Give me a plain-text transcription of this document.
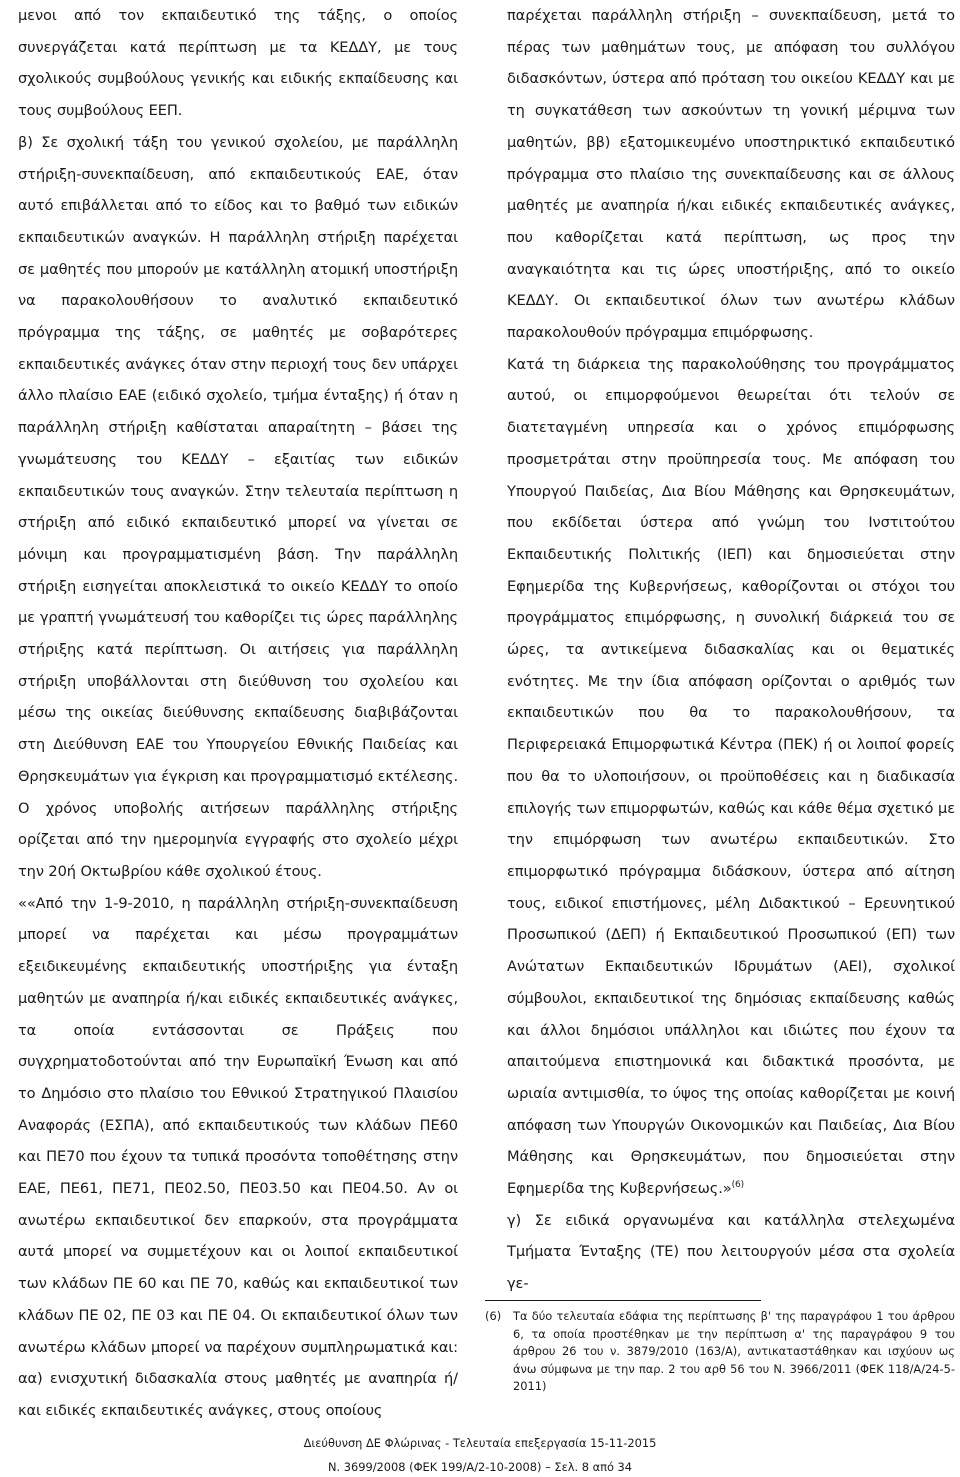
μενοι από τον εκπαιδευτικό της τάξης, ο οποίος συνεργάζεται κατά περίπτωση με τα ΚΕΔΔΥ, με τους σχολικούς συμβούλους γενικής και ειδικής εκπαίδευσης και τους συμβούλους ΕΕΠ.

β) Σε σχολική τάξη του γενικού σχολείου, με παράλληλη στήριξη-συνεκπαίδευση, από εκπαιδευτικούς ΕΑΕ, όταν αυτό επιβάλλεται από το είδος και το βαθμό των ειδικών εκπαιδευτικών αναγκών. Η παράλληλη στήριξη παρέχεται σε μαθητές που μπορούν με κατάλληλη ατομική υποστήριξη να παρακολουθήσουν το αναλυτικό εκπαιδευτικό πρόγραμμα της τάξης, σε μαθητές με σοβαρότερες εκπαιδευτικές ανάγκες όταν στην περιοχή τους δεν υπάρχει άλλο πλαίσιο ΕΑΕ (ειδικό σχολείο, τμήμα ένταξης) ή όταν η παράλληλη στήριξη καθίσταται απαραίτητη – βάσει της γνωμάτευσης του ΚΕΔΔΥ – εξαιτίας των ειδικών εκπαιδευτικών τους αναγκών. Στην τελευταία περίπτωση η στήριξη από ειδικό εκπαιδευτικό μπορεί να γίνεται σε μόνιμη και προγραμματισμένη βάση. Την παράλληλη στήριξη εισηγείται αποκλειστικά το οικείο ΚΕΔΔΥ το οποίο με γραπτή γνωμάτευσή του καθορίζει τις ώρες παράλληλης στήριξης κατά περίπτωση. Οι αιτήσεις για παράλληλη στήριξη υποβάλλονται στη διεύθυνση του σχολείου και μέσω της οικείας διεύθυνσης εκπαίδευσης διαβιβάζονται στη Διεύθυνση ΕΑΕ του Υπουργείου Εθνικής Παιδείας και Θρησκευμάτων για έγκριση και προγραμματισμό εκτέλεσης. Ο χρόνος υποβολής αιτήσεων παράλληλης στήριξης ορίζεται από την ημερομηνία εγγραφής στο σχολείο μέχρι την 20ή Οκτωβρίου κάθε σχολικού έτους.

««Από την 1-9-2010, η παράλληλη στήριξη-συνεκπαίδευση μπορεί να παρέχεται και μέσω προγραμμάτων εξειδικευμένης εκπαιδευτικής υποστήριξης για ένταξη μαθητών με αναπηρία ή/και ειδικές εκπαιδευτικές ανάγκες, τα οποία εντάσσονται σε Πράξεις που συγχρηματοδοτούνται από την Ευρωπαϊκή Ένωση και από το Δημόσιο στο πλαίσιο του Εθνικού Στρατηγικού Πλαισίου Αναφοράς (ΕΣΠΑ), από εκπαιδευτικούς των κλάδων ΠΕ60 και ΠΕ70 που έχουν τα τυπικά προσόντα τοποθέτησης στην ΕΑΕ, ΠΕ61, ΠΕ71, ΠΕ02.50, ΠΕ03.50 και ΠΕ04.50. Αν οι ανωτέρω εκπαιδευτικοί δεν επαρκούν, στα προγράμματα αυτά μπορεί να συμμετέχουν και οι λοιποί εκπαιδευτικοί των κλάδων ΠΕ 60 και ΠΕ 70, καθώς και εκπαιδευτικοί των κλάδων ΠΕ 02, ΠΕ 03 και ΠΕ 04. Οι εκπαιδευτικοί όλων των ανωτέρω κλάδων μπορεί να παρέχουν συμπληρωματικά και: αα) ενισχυτική διδασκαλία στους μαθητές με αναπηρία ή/και ειδικές εκπαιδευτικές ανάγκες, στους οποίους

παρέχεται παράλληλη στήριξη – συνεκπαίδευση, μετά το πέρας των μαθημάτων τους, με απόφαση του συλλόγου διδασκόντων, ύστερα από πρόταση του οικείου ΚΕΔΔΥ και με τη συγκατάθεση των ασκούντων τη γονική μέριμνα των μαθητών, ββ) εξατομικευμένο υποστηρικτικό εκπαιδευτικό πρόγραμμα στο πλαίσιο της συνεκπαίδευσης και σε άλλους μαθητές με αναπηρία ή/και ειδικές εκπαιδευτικές ανάγκες, που καθορίζεται κατά περίπτωση, ως προς την αναγκαιότητα και τις ώρες υποστήριξης, από το οικείο ΚΕΔΔΥ. Οι εκπαιδευτικοί όλων των ανωτέρω κλάδων παρακολουθούν πρόγραμμα επιμόρφωσης.

Κατά τη διάρκεια της παρακολούθησης του προγράμματος αυτού, οι επιμορφούμενοι θεωρείται ότι τελούν σε διατεταγμένη υπηρεσία και ο χρόνος επιμόρφωσης προσμετράται στην προϋπηρεσία τους. Με απόφαση του Υπουργού Παιδείας, Δια Βίου Μάθησης και Θρησκευμάτων, που εκδίδεται ύστερα από γνώμη του Ινστιτούτου Εκπαιδευτικής Πολιτικής (ΙΕΠ) και δημοσιεύεται στην Εφημερίδα της Κυβερνήσεως, καθορίζονται οι στόχοι του προγράμματος επιμόρφωσης, η συνολική διάρκειά του σε ώρες, τα αντικείμενα διδασκαλίας και οι θεματικές ενότητες. Με την ίδια απόφαση ορίζονται ο αριθμός των εκπαιδευτικών που θα το παρακολουθήσουν, τα Περιφερειακά Επιμορφωτικά Κέντρα (ΠΕΚ) ή οι λοιποί φορείς που θα το υλοποιήσουν, οι προϋποθέσεις και η διαδικασία επιλογής των επιμορφωτών, καθώς και κάθε θέμα σχετικό με την επιμόρφωση των ανωτέρω εκπαιδευτικών. Στο επιμορφωτικό πρόγραμμα διδάσκουν, ύστερα από αίτηση τους, ειδικοί επιστήμονες, μέλη Διδακτικού – Ερευνητικού Προσωπικού (ΔΕΠ) ή Εκπαιδευτικού Προσωπικού (ΕΠ) των Ανώτατων Εκπαιδευτικών Ιδρυμάτων (ΑΕΙ), σχολικοί σύμβουλοι, εκπαιδευτικοί της δημόσιας εκπαίδευσης καθώς και άλλοι δημόσιοι υπάλληλοι και ιδιώτες που έχουν τα απαιτούμενα επιστημονικά και διδακτικά προσόντα, με ωριαία αντιμισθία, το ύψος της οποίας καθορίζεται με κοινή απόφαση των Υπουργών Οικονομικών και Παιδείας, Δια Βίου Μάθησης και Θρησκευμάτων, που δημοσιεύεται στην Εφημερίδα της Κυβερνήσεως.»$^{(6)}$

γ) Σε ειδικά οργανωμένα και κατάλληλα στελεχωμένα Τμήματα Ένταξης (ΤΕ) που λειτουργούν μέσα στα σχολεία γε-

(6) Τα δύο τελευταία εδάφια της περίπτωσης β' της παραγράφου 1 του άρθρου 6, τα οποία προστέθηκαν με την περίπτωση α' της παραγράφου 9 του άρθρου 26 του ν. 3879/2010 (163/Α), αντικαταστάθηκαν και ισχύουν ως άνω σύμφωνα με την παρ. 2 του αρθ 56 του Ν. 3966/2011 (ΦΕΚ 118/Α/24-5-2011)
Διεύθυνση ΔΕ Φλώρινας - Τελευταία επεξεργασία 15-11-2015
Ν. 3699/2008 (ΦΕΚ 199/Α/2-10-2008) – Σελ. 8 από 34
